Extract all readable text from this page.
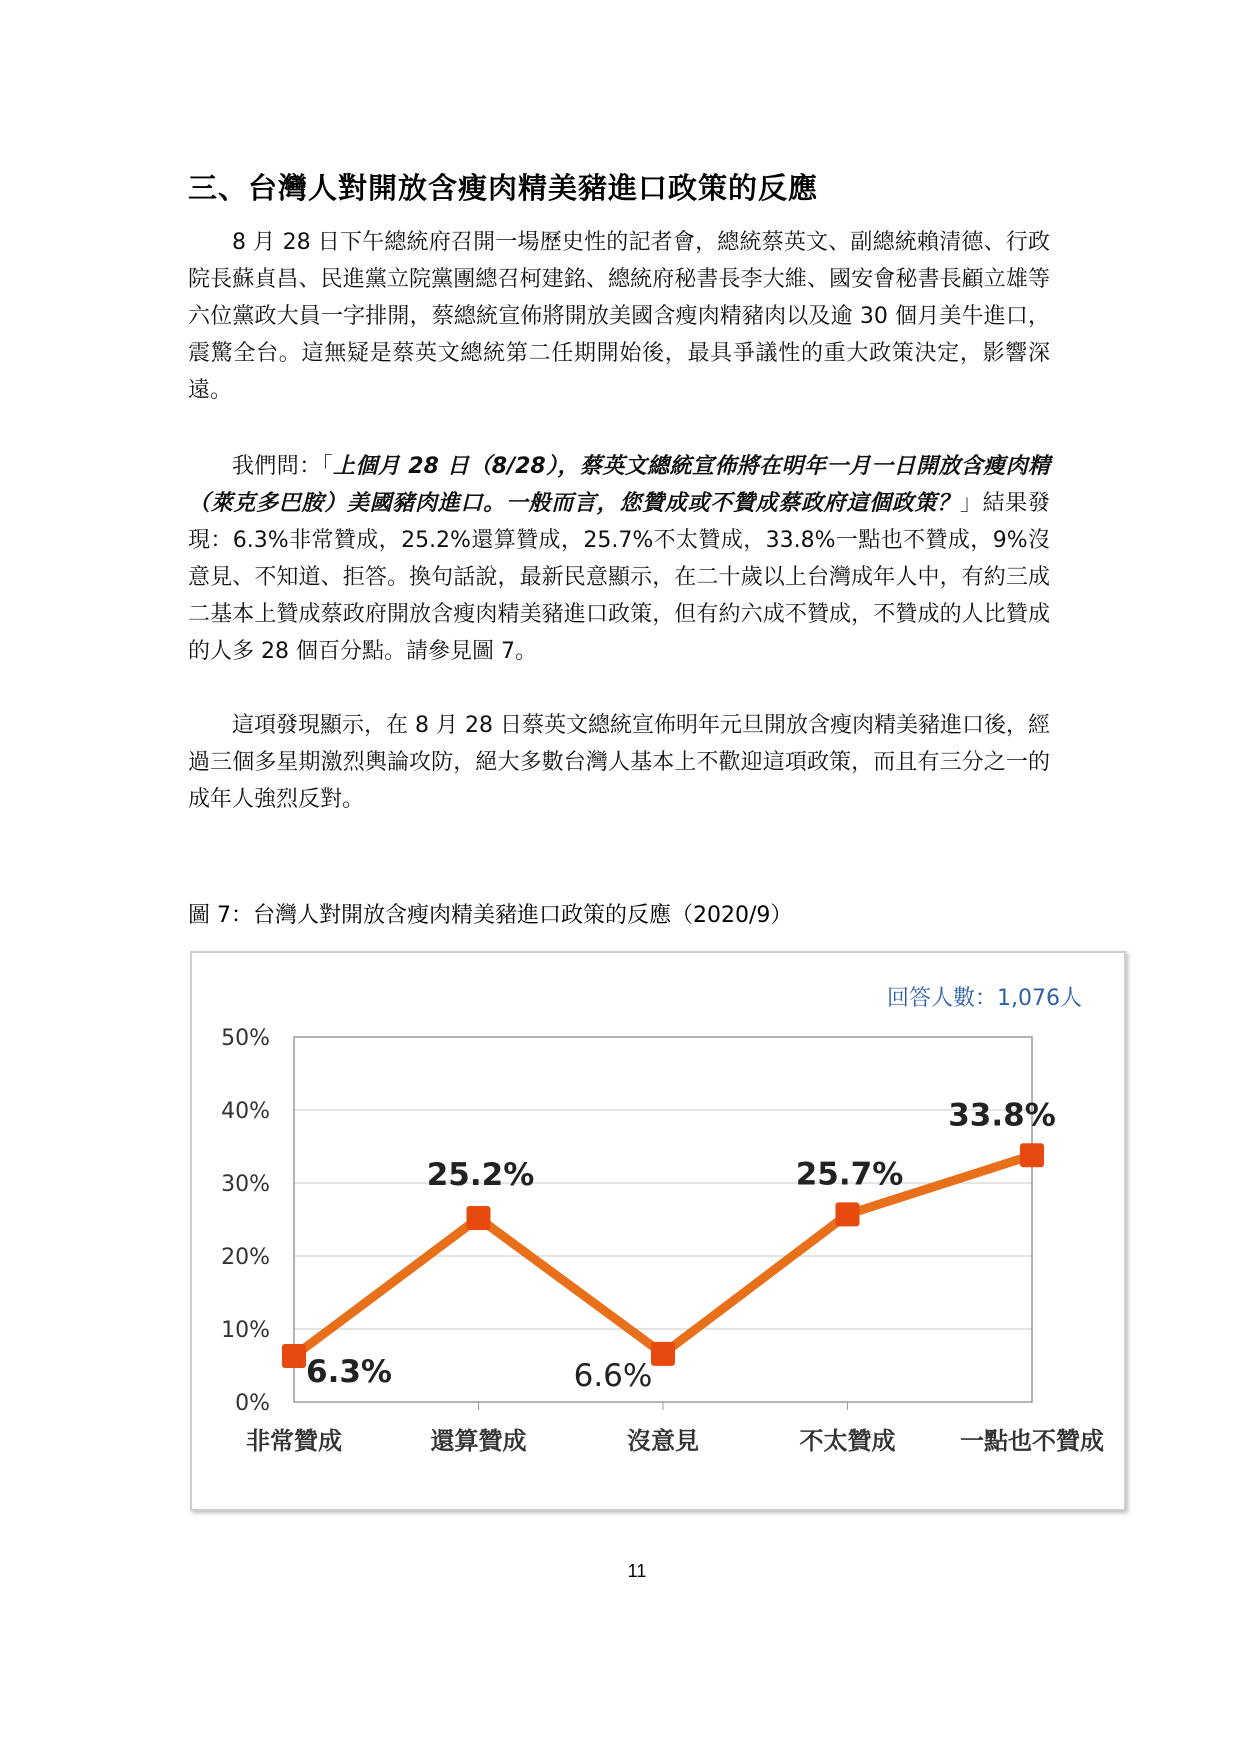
三、台灣人對開放含瘦肉精美豬進口政策的反應

8 月 28 日下午總統府召開一場歷史性的記者會，總統蔡英文、副總統賴清德、行政院長蘇貞昌、民進黨立院黨團總召柯建銘、總統府秘書長李大維、國安會秘書長顧立雄等六位黨政大員一字排開，蔡總統宣佈將開放美國含瘦肉精豬肉以及逾 30 個月美牛進口，震驚全台。這無疑是蔡英文總統第二任期開始後，最具爭議性的重大政策決定，影響深遠。

我們問：「上個月 28 日（8/28），蔡英文總統宣佈將在明年一月一日開放含瘦肉精（萊克多巴胺）美國豬肉進口。一般而言，您贊成或不贊成蔡政府這個政策？」結果發現：6.3%非常贊成，25.2%還算贊成，25.7%不太贊成，33.8%一點也不贊成，9%沒意見、不知道、拒答。換句話說，最新民意顯示，在二十歲以上台灣成年人中，有約三成二基本上贊成蔡政府開放含瘦肉精美豬進口政策，但有約六成不贊成，不贊成的人比贊成的人多 28 個百分點。請參見圖 7。

這項發現顯示，在 8 月 28 日蔡英文總統宣佈明年元旦開放含瘦肉精美豬進口後，經過三個多星期激烈輿論攻防，絕大多數台灣人基本上不歡迎這項政策，而且有三分之一的成年人強烈反對。

圖 7：台灣人對開放含瘦肉精美豬進口政策的反應（2020/9）
0%
10%
20%
30%
40%
50%
非常贊成	還算贊成	沒意見	不太贊成	一點也不贊成
6.3%
25.2%
6.6%
25.7%
33.8%
回答人數：1,076人
11
